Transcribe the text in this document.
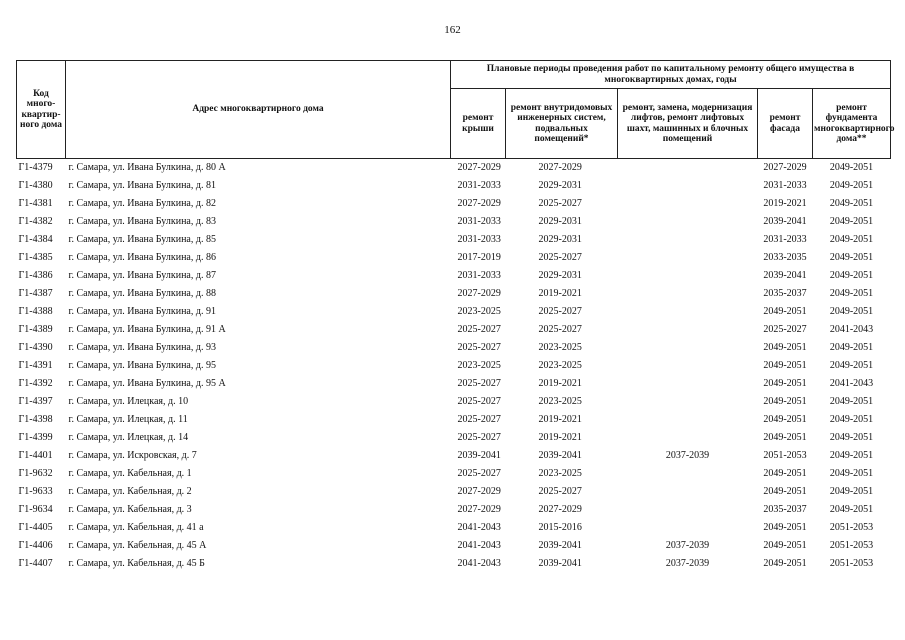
162
Код много-квартир-ного дома	Адрес многоквартирного дома	Плановые периоды проведения работ по капитальному ремонту общего имущества в многоквартирных домах, годы				
		ремонт крыши	ремонт внутридомовых инженерных систем, подвальных помещений*	ремонт, замена, модернизация лифтов, ремонт лифтовых шахт, машинных и блочных помещений	ремонт фасада	ремонт фундамента многоквартирного дома**
Г1-4379	г. Самара, ул. Ивана Булкина, д. 80 А	2027-2029	2027-2029		2027-2029	2049-2051
Г1-4380	г. Самара, ул. Ивана Булкина, д. 81	2031-2033	2029-2031		2031-2033	2049-2051
Г1-4381	г. Самара, ул. Ивана Булкина, д. 82	2027-2029	2025-2027		2019-2021	2049-2051
Г1-4382	г. Самара, ул. Ивана Булкина, д. 83	2031-2033	2029-2031		2039-2041	2049-2051
Г1-4384	г. Самара, ул. Ивана Булкина, д. 85	2031-2033	2029-2031		2031-2033	2049-2051
Г1-4385	г. Самара, ул. Ивана Булкина, д. 86	2017-2019	2025-2027		2033-2035	2049-2051
Г1-4386	г. Самара, ул. Ивана Булкина, д. 87	2031-2033	2029-2031		2039-2041	2049-2051
Г1-4387	г. Самара, ул. Ивана Булкина, д. 88	2027-2029	2019-2021		2035-2037	2049-2051
Г1-4388	г. Самара, ул. Ивана Булкина, д. 91	2023-2025	2025-2027		2049-2051	2049-2051
Г1-4389	г. Самара, ул. Ивана Булкина, д. 91 А	2025-2027	2025-2027		2025-2027	2041-2043
Г1-4390	г. Самара, ул. Ивана Булкина, д. 93	2025-2027	2023-2025		2049-2051	2049-2051
Г1-4391	г. Самара, ул. Ивана Булкина, д. 95	2023-2025	2023-2025		2049-2051	2049-2051
Г1-4392	г. Самара, ул. Ивана Булкина, д. 95 А	2025-2027	2019-2021		2049-2051	2041-2043
Г1-4397	г. Самара, ул. Илецкая, д. 10	2025-2027	2023-2025		2049-2051	2049-2051
Г1-4398	г. Самара, ул. Илецкая, д. 11	2025-2027	2019-2021		2049-2051	2049-2051
Г1-4399	г. Самара, ул. Илецкая, д. 14	2025-2027	2019-2021		2049-2051	2049-2051
Г1-4401	г. Самара, ул. Искровская, д. 7	2039-2041	2039-2041	2037-2039	2051-2053	2049-2051
Г1-9632	г. Самара, ул. Кабельная, д. 1	2025-2027	2023-2025		2049-2051	2049-2051
Г1-9633	г. Самара, ул. Кабельная, д. 2	2027-2029	2025-2027		2049-2051	2049-2051
Г1-9634	г. Самара, ул. Кабельная, д. 3	2027-2029	2027-2029		2035-2037	2049-2051
Г1-4405	г. Самара, ул. Кабельная, д. 41 а	2041-2043	2015-2016		2049-2051	2051-2053
Г1-4406	г. Самара, ул. Кабельная, д. 45 А	2041-2043	2039-2041	2037-2039	2049-2051	2051-2053
Г1-4407	г. Самара, ул. Кабельная, д. 45 Б	2041-2043	2039-2041	2037-2039	2049-2051	2051-2053
